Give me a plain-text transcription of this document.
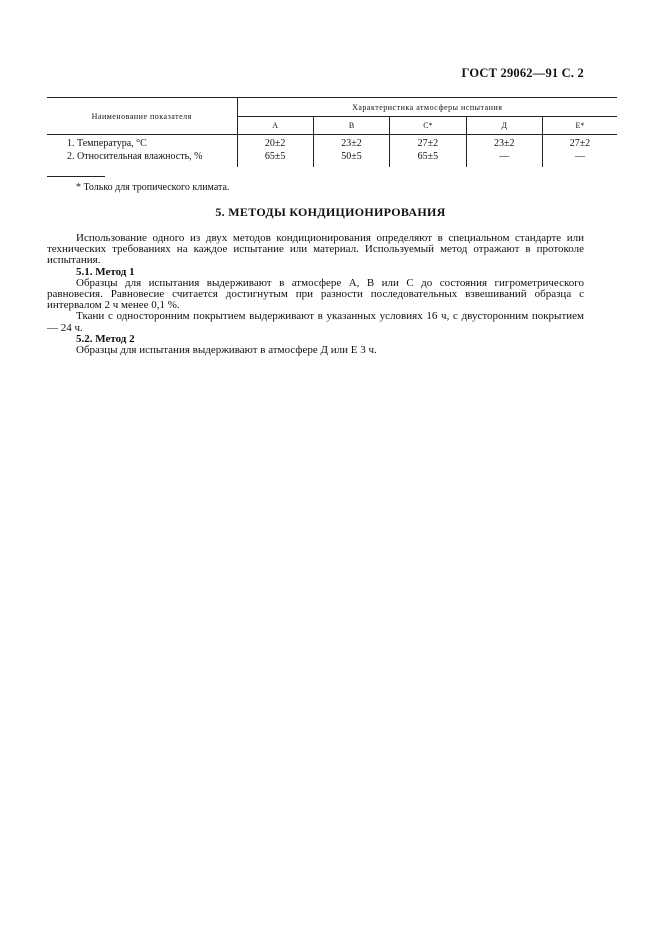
ГОСТ 29062—91 С. 2
Наименование показателя	Характеристика атмосферы испытания				
	А	В	С*	Д	Е*
1. Температура, °С	20±2	23±2	27±2	23±2	27±2
2. Относительная влажность, %	65±5	50±5	65±5	—	—
* Только для тропического климата.
5. МЕТОДЫ КОНДИЦИОНИРОВАНИЯ

Использование одного из двух методов кондиционирования определяют в специальном стандарте или технических требованиях на каждое испытание или материал. Используемый метод отражают в протоколе испытания.

5.1. Метод 1

Образцы для испытания выдерживают в атмосфере А, В или С до состояния гигрометрического равновесия. Равновесие считается достигнутым при разности последовательных взвешиваний образца с интервалом 2 ч менее 0,1 %.

Ткани с односторонним покрытием выдерживают в указанных условиях 16 ч, с двусторонним покрытием — 24 ч.

5.2. Метод 2

Образцы для испытания выдерживают в атмосфере Д или Е 3 ч.
